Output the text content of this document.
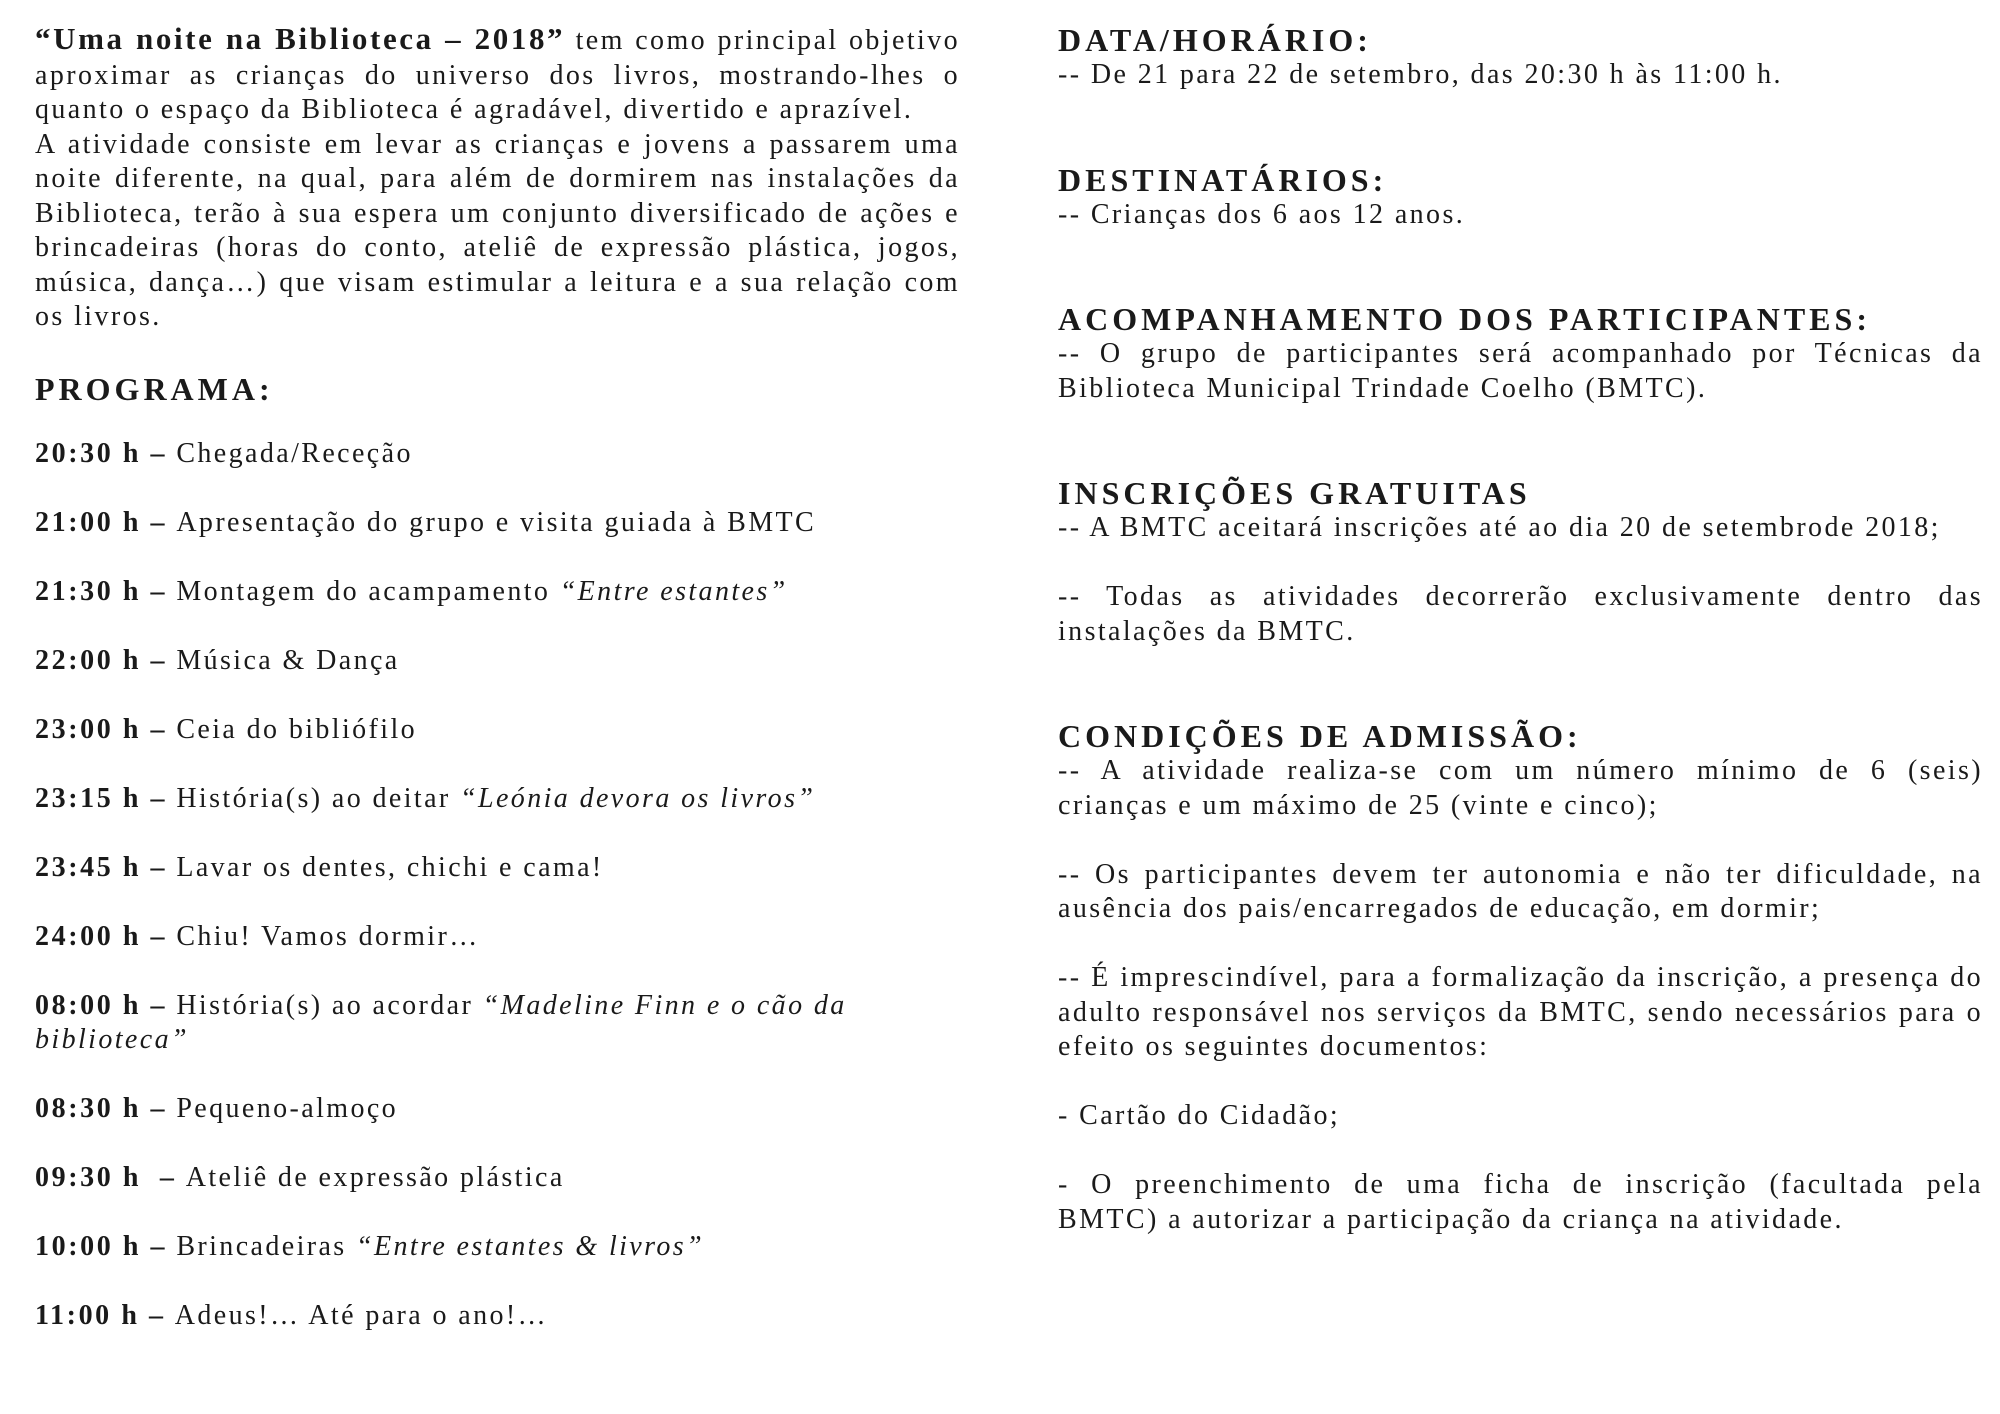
“Uma noite na Biblioteca – 2018” tem como principal objetivo aproximar as crianças do universo dos livros, mostrando-lhes o quanto o espaço da Biblioteca é agradável, divertido e aprazível.

A atividade consiste em levar as crianças e jovens a passarem uma noite diferente, na qual, para além de dormirem nas instalações da Biblioteca, terão à sua espera um conjunto diversificado de ações e brincadeiras (horas do conto, ateliê de expressão plástica, jogos, música, dança…) que visam estimular a leitura e a sua relação com os livros.

PROGRAMA:

20:30 h – Chegada/Receção

21:00 h – Apresentação do grupo e visita guiada à BMTC

21:30 h – Montagem do acampamento “Entre estantes”

22:00 h – Música & Dança

23:00 h – Ceia do bibliófilo

23:15 h – História(s) ao deitar “Leónia devora os livros”

23:45 h – Lavar os dentes, chichi e cama!

24:00 h – Chiu! Vamos dormir…

08:00 h – História(s) ao acordar “Madeline Finn e o cão da biblioteca”

08:30 h – Pequeno-almoço

09:30 h  – Ateliê de expressão plástica

10:00 h – Brincadeiras “Entre estantes & livros”

11:00 h – Adeus!… Até para o ano!…

DATA/HORÁRIO:

-- De 21 para 22 de setembro, das 20:30 h às 11:00 h.

DESTINATÁRIOS:

-- Crianças dos 6 aos 12 anos.

ACOMPANHAMENTO DOS PARTICIPANTES:

-- O grupo de participantes será acompanhado por Técnicas da Biblioteca Municipal Trindade Coelho (BMTC).

INSCRIÇÕES GRATUITAS

-- A BMTC aceitará inscrições até ao dia 20 de setembrode 2018;

-- Todas as atividades decorrerão exclusivamente dentro das instalações da BMTC.

CONDIÇÕES DE ADMISSÃO:

-- A atividade realiza-se com um número mínimo de 6 (seis) crianças e um máximo de 25 (vinte e cinco);

-- Os participantes devem ter autonomia e não ter dificuldade, na ausência dos pais/encarregados de educação, em dormir;

-- É imprescindível, para a formalização da inscrição, a presença do adulto responsável nos serviços da BMTC, sendo necessários para o efeito os seguintes documentos:

- Cartão do Cidadão;

- O preenchimento de uma ficha de inscrição (facultada pela BMTC) a autorizar a participação da criança na atividade.
